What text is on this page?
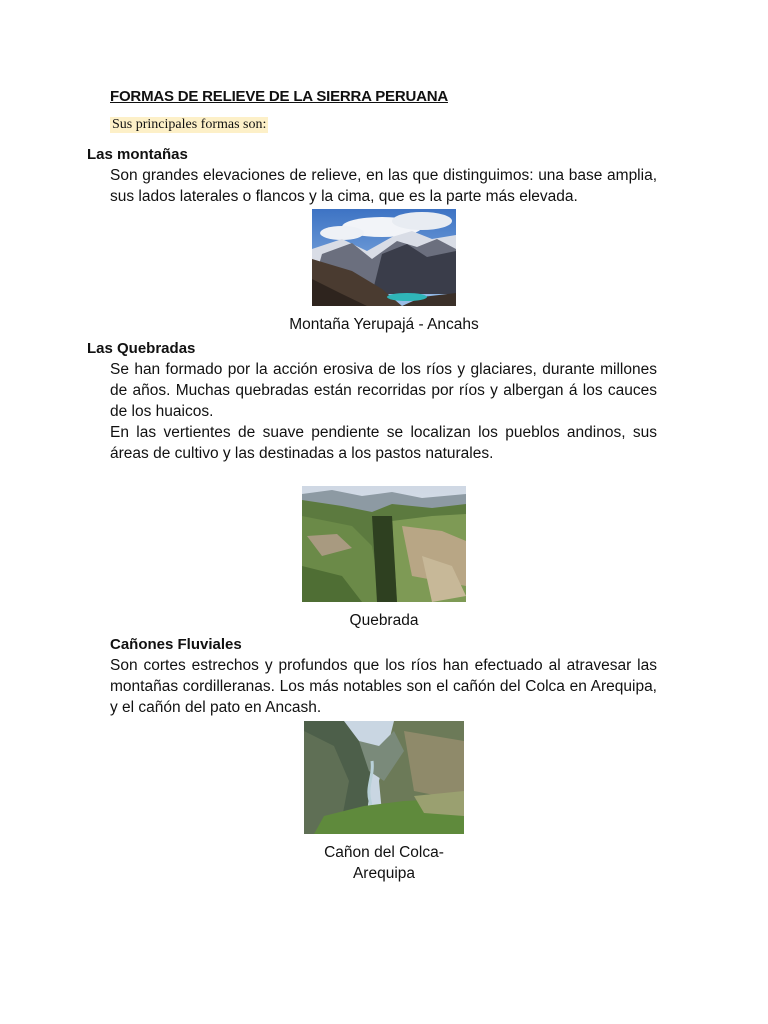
FORMAS DE RELIEVE DE LA SIERRA PERUANA
Sus principales formas son:
Las montañas

Son grandes elevaciones de relieve, en las que distinguimos: una base amplia, sus lados laterales o flancos y la cima, que es la parte más elevada.

Montaña Yerupajá - Ancahs
Las Quebradas

Se han formado por la acción erosiva de los ríos y glaciares, durante millones de años. Muchas quebradas están recorridas por ríos y albergan á los cauces de los huaicos.

En las vertientes de suave pendiente se localizan los pueblos andinos, sus áreas de cultivo y las destinadas a los pastos naturales.

Quebrada
Cañones Fluviales

Son cortes estrechos y profundos que los ríos han efectuado al atravesar las montañas cordilleranas. Los más notables son el cañón del Colca en Arequipa, y el cañón del pato en Ancash.

Cañon del Colca-
Arequipa
